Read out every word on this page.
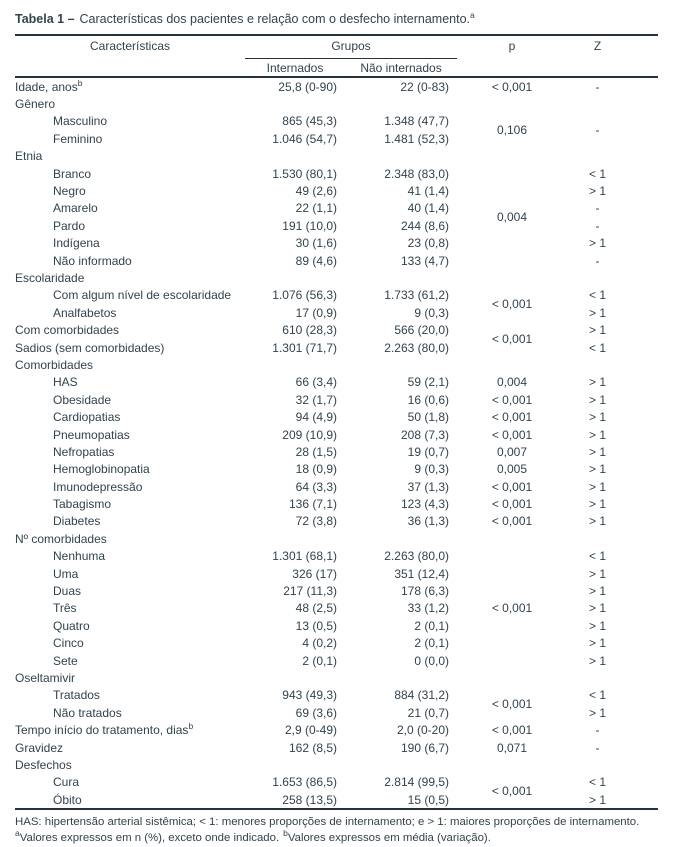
Tabela 1 – Características dos pacientes e relação com o desfecho internamento.$^a$
Características	Grupos		p	Z
	Internados	Não internados		
Idade, anos$^b$	25,8 (0-90)	22 (0-83)	< 0,001	-
Gênero				
Masculino	865 (45,3)	1.348 (47,7)	0,106	-
Feminino	1.046 (54,7)	1.481 (52,3)		
Etnia				
Branco	1.530 (80,1)	2.348 (83,0)	0,004	< 1
Negro	49 (2,6)	41 (1,4)		> 1
Amarelo	22 (1,1)	40 (1,4)		-
Pardo	191 (10,0)	244 (8,6)		-
Indígena	30 (1,6)	23 (0,8)		> 1
Não informado	89 (4,6)	133 (4,7)		-
Escolaridade				
Com algum nível de escolaridade	1.076 (56,3)	1.733 (61,2)	< 0,001	< 1
Analfabetos	17 (0,9)	9 (0,3)		> 1
Com comorbidades	610 (28,3)	566 (20,0)	< 0,001	> 1
Sadios (sem comorbidades)	1.301 (71,7)	2.263 (80,0)		< 1
Comorbidades				
HAS	66 (3,4)	59 (2,1)	0,004	> 1
Obesidade	32 (1,7)	16 (0,6)	< 0,001	> 1
Cardiopatias	94 (4,9)	50 (1,8)	< 0,001	> 1
Pneumopatias	209 (10,9)	208 (7,3)	< 0,001	> 1
Nefropatias	28 (1,5)	19 (0,7)	0,007	> 1
Hemoglobinopatia	18 (0,9)	9 (0,3)	0,005	> 1
Imunodepressão	64 (3,3)	37 (1,3)	< 0,001	> 1
Tabagismo	136 (7,1)	123 (4,3)	< 0,001	> 1
Diabetes	72 (3,8)	36 (1,3)	< 0,001	> 1
Nº comorbidades				
Nenhuma	1.301 (68,1)	2.263 (80,0)	< 0,001	< 1
Uma	326 (17)	351 (12,4)		> 1
Duas	217 (11,3)	178 (6,3)		> 1
Três	48 (2,5)	33 (1,2)		> 1
Quatro	13 (0,5)	2 (0,1)		> 1
Cinco	4 (0,2)	2 (0,1)		> 1
Sete	2 (0,1)	0 (0,0)		> 1
Oseltamivir				
Tratados	943 (49,3)	884 (31,2)	< 0,001	< 1
Não tratados	69 (3,6)	21 (0,7)		> 1
Tempo início do tratamento, dias$^b$	2,9 (0-49)	2,0 (0-20)	< 0,001	-
Gravidez	162 (8,5)	190 (6,7)	0,071	-
Desfechos				
Cura	1.653 (86,5)	2.814 (99,5)	< 0,001	< 1
Óbito	258 (13,5)	15 (0,5)		> 1
HAS: hipertensão arterial sistêmica; < 1: menores proporções de internamento; e > 1: maiores proporções de internamento.
$^a$Valores expressos em n (%), exceto onde indicado. $^b$Valores expressos em média (variação).
